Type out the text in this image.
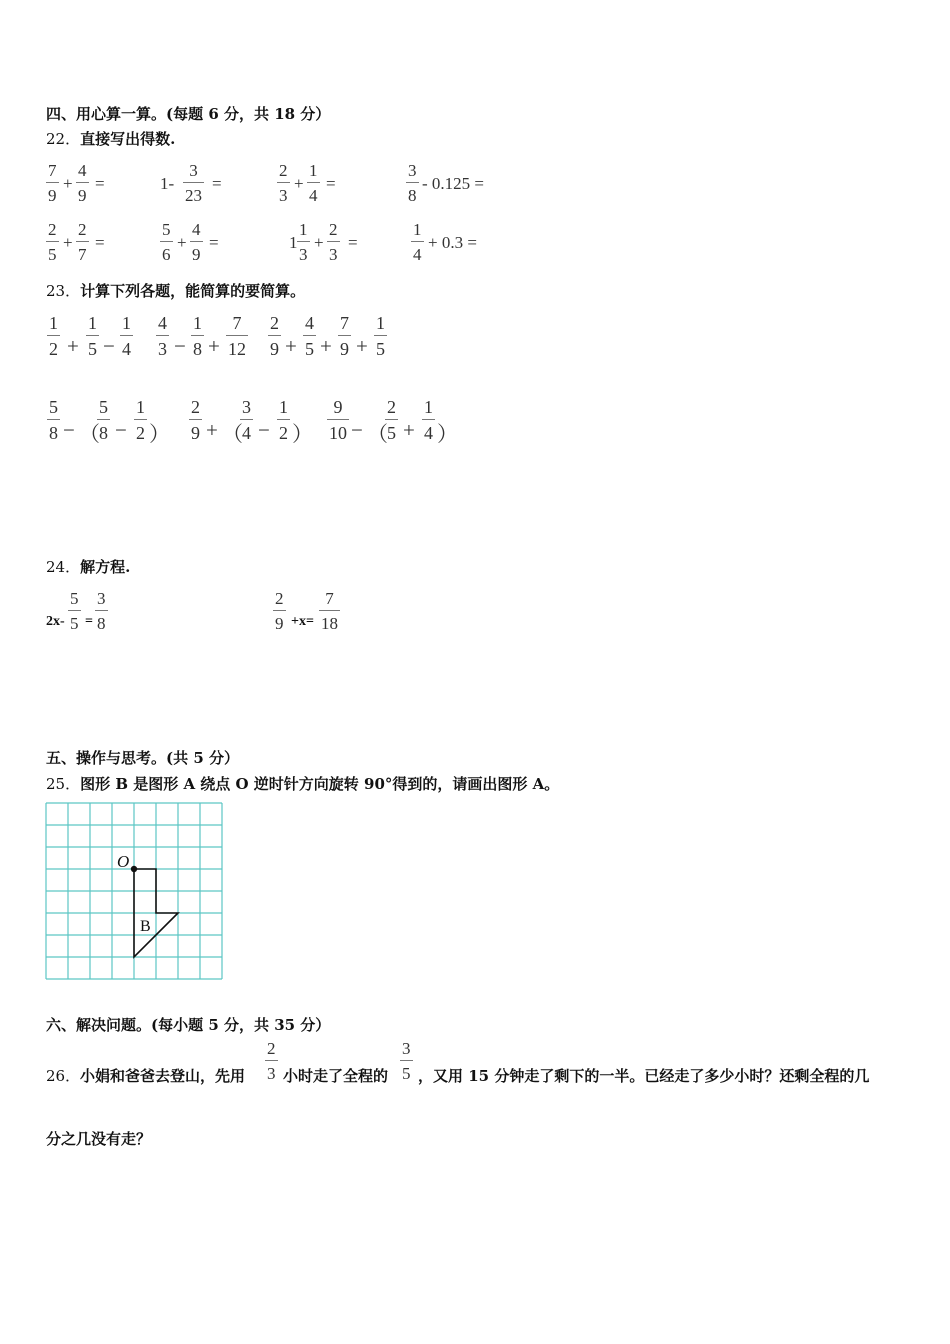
四、用心算一算。(每题 6 分，共 18 分）
22．直接写出得数.
7
9
+
4
9
=	1-
3
23
=
2
3
+
1
4
=
3
8
- 0.125 =
2
5
+
2
7
=
5
6
+
4
9
=	1
1
3
+
2
3
=
1
4
+ 0.3 =
23．计算下列各题，能简算的要简算。
1
2 +
1
5 −
1
4
4
3 −
1
8 +
7
12
2
9 +
4
5 +
7
9 +
1
5
5
8 − （
5
8 −
1
2 ）
2
9 + （
3
4 −
1
2 ）
9
10 − （
2
5 +
1
4 ）
24．解方程.
2x-
5
5 =
3
8
2
9 +x=
7
18
五、操作与思考。(共 5 分）
25．图形 B 是图形 A 绕点 O 逆时针方向旋转 90°得到的，请画出图形 A。
O
B
六、解决问题。(每小题 5 分，共 35 分）
26． 小娟和爸爸去登山，先用
2
3 小时走了全程的
3
5 ，又用 15 分钟走了剩下的一半。已经走了多少小时？还剩全程的几
分之几没有走？
